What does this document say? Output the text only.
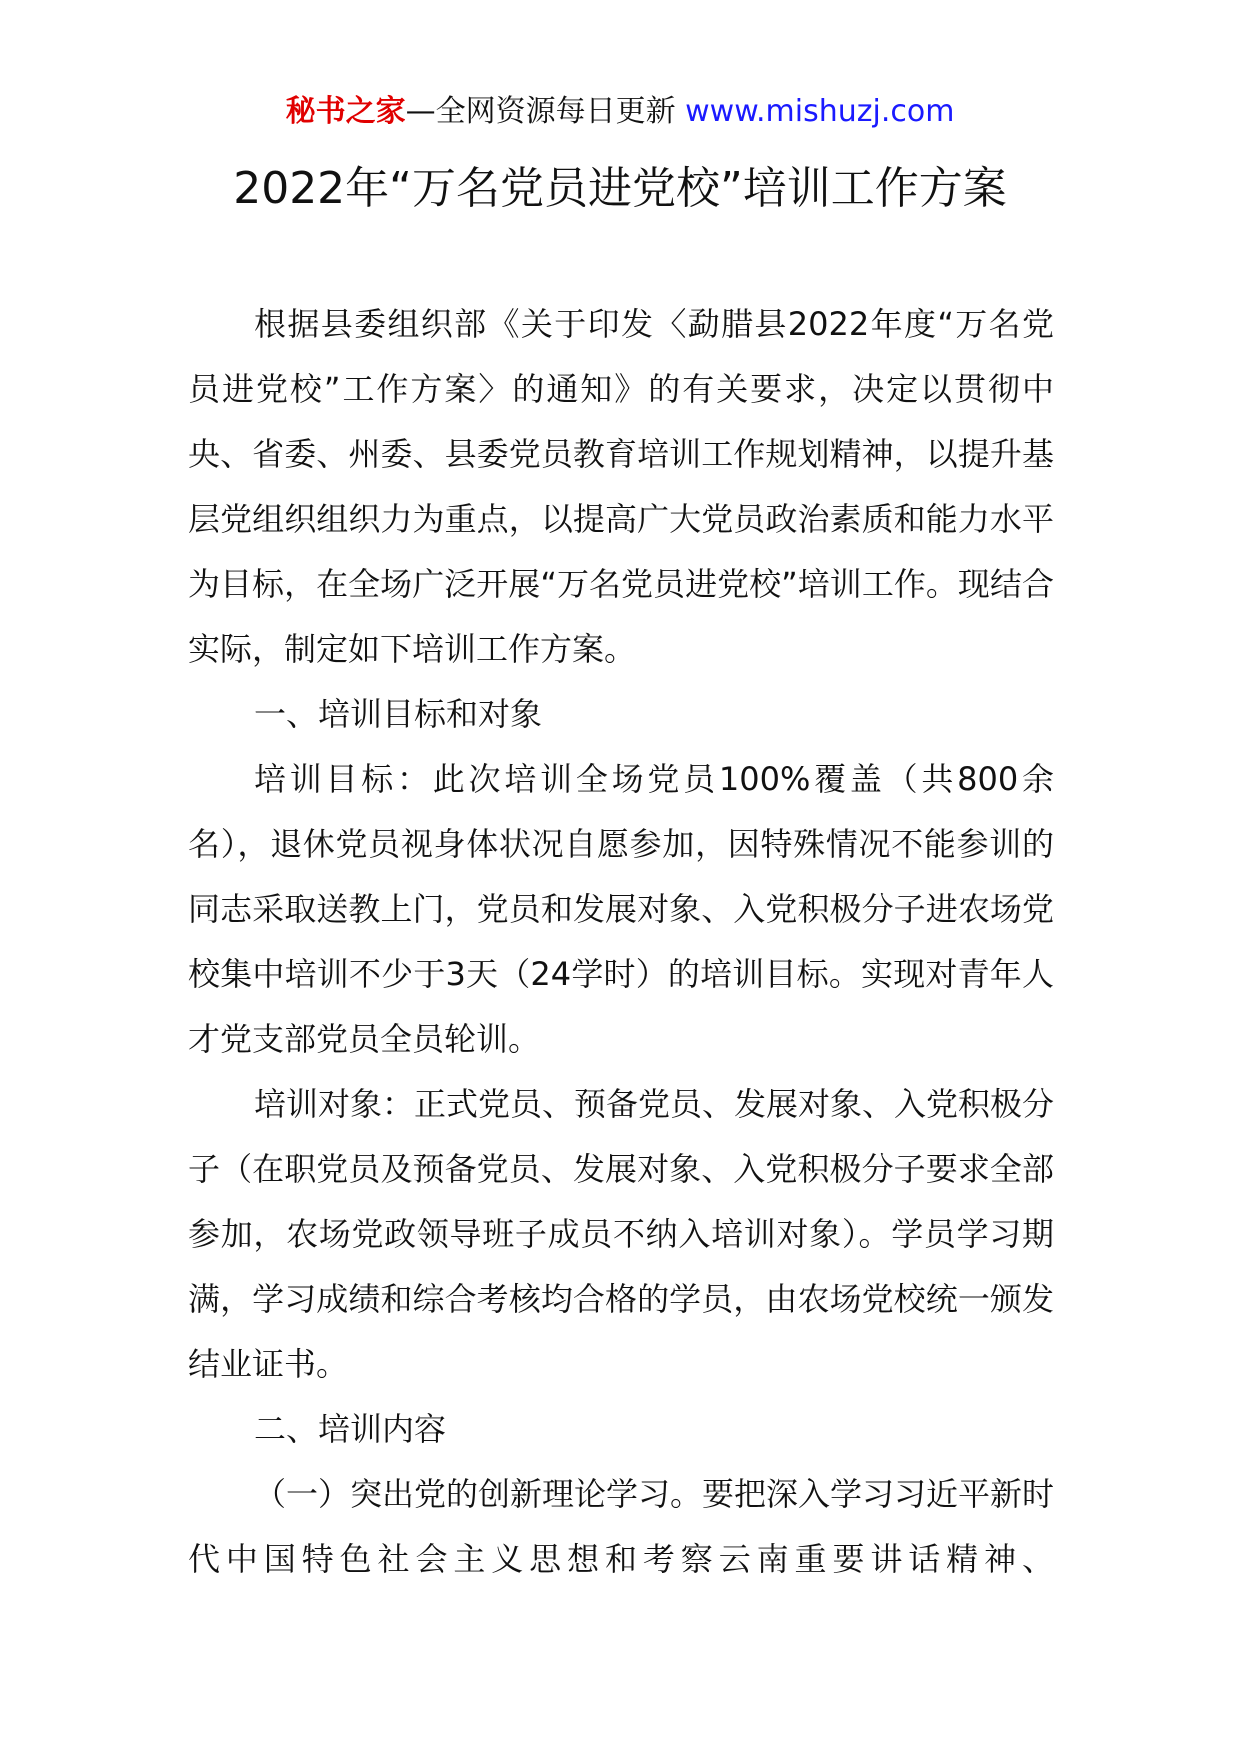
秘书之家—全网资源每日更新 www.mishuzj.com
2022年“万名党员进党校”培训工作方案

根据县委组织部《关于印发〈勐腊县2022年度“万名党员进党校”工作方案〉的通知》的有关要求，决定以贯彻中央、省委、州委、县委党员教育培训工作规划精神，以提升基层党组织组织力为重点，以提高广大党员政治素质和能力水平为目标，在全场广泛开展“万名党员进党校”培训工作。现结合实际，制定如下培训工作方案。

一、培训目标和对象

培训目标：此次培训全场党员100%覆盖（共800余名），退休党员视身体状况自愿参加，因特殊情况不能参训的同志采取送教上门，党员和发展对象、入党积极分子进农场党校集中培训不少于3天（24学时）的培训目标。实现对青年人才党支部党员全员轮训。

培训对象：正式党员、预备党员、发展对象、入党积极分子（在职党员及预备党员、发展对象、入党积极分子要求全部参加，农场党政领导班子成员不纳入培训对象）。学员学习期满，学习成绩和综合考核均合格的学员，由农场党校统一颁发结业证书。

二、培训内容

（一）突出党的创新理论学习。要把深入学习习近平新时代中国特色社会主义思想和考察云南重要讲话精神、
